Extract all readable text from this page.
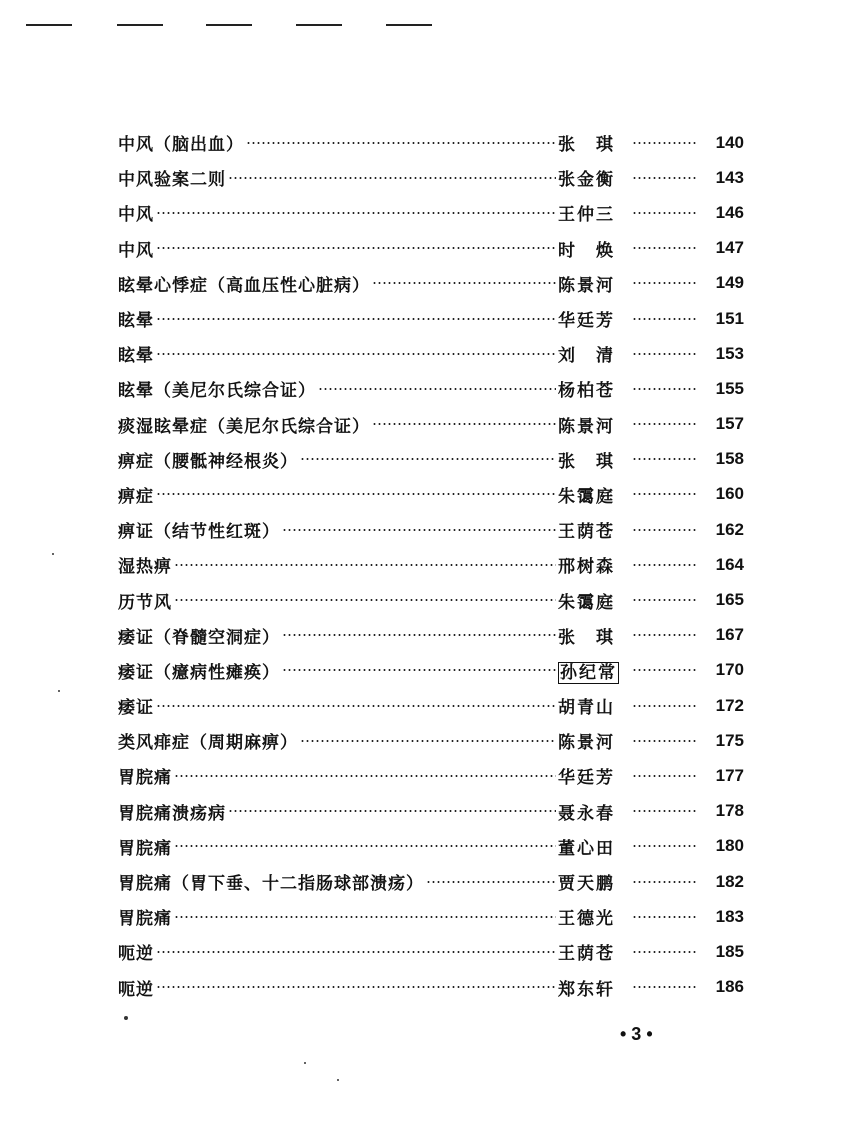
中风（脑出血）	张　琪	140
中风验案二则	张金衡	143
中风	王仲三	146
中风	时　焕	147
眩晕心悸症（高血压性心脏病）	陈景河	149
眩晕	华廷芳	151
眩晕	刘　清	153
眩晕（美尼尔氏综合证）	杨柏苍	155
痰湿眩晕症（美尼尔氏综合证）	陈景河	157
痹症（腰骶神经根炎）	张　琪	158
痹症	朱霭庭	160
痹证（结节性红斑）	王荫苍	162
湿热痹	邢树森	164
历节风	朱霭庭	165
痿证（脊髓空洞症）	张　琪	167
痿证（癔病性瘫痪）	孙纪常	170
痿证	胡青山	172
类风痱症（周期麻痹）	陈景河	175
胃脘痛	华廷芳	177
胃脘痛溃疡病	聂永春	178
胃脘痛	董心田	180
胃脘痛（胃下垂、十二指肠球部溃疡）	贾天鹏	182
胃脘痛	王德光	183
呃逆	王荫苍	185
呃逆	郑东轩	186
• 3 •
